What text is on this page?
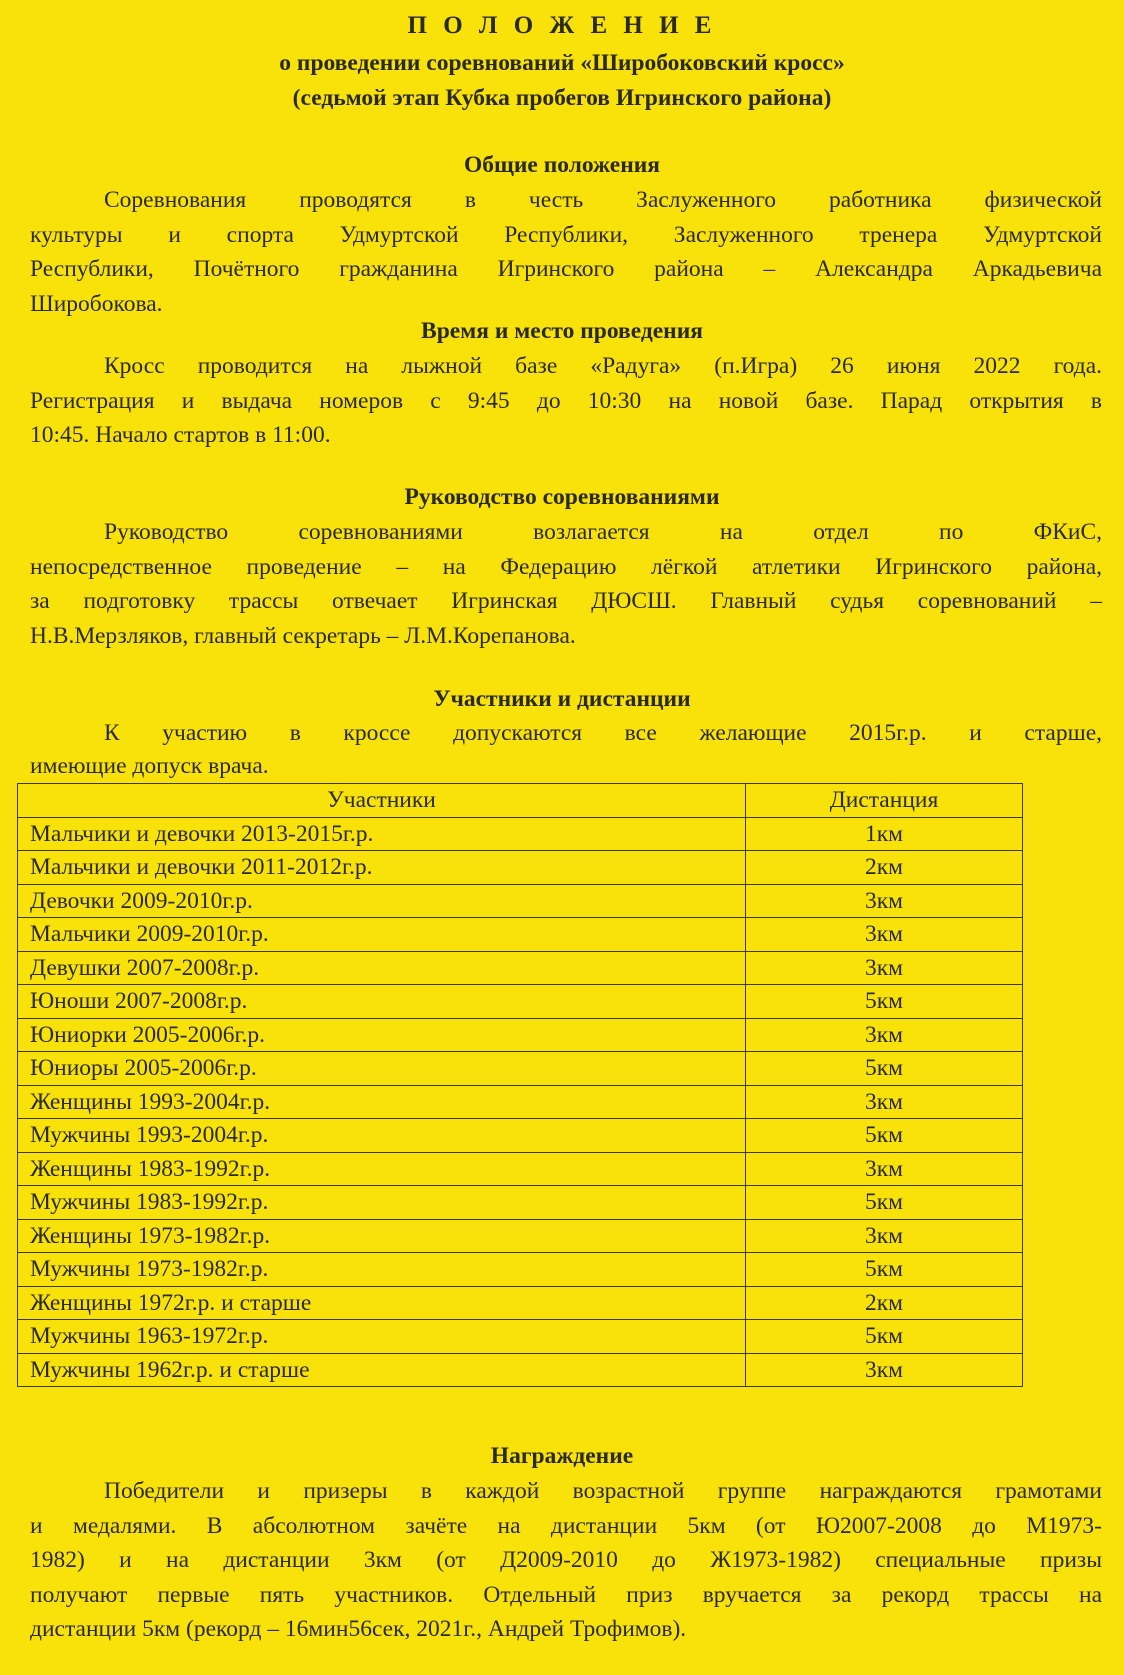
П О Л О Ж Е Н И Е
о проведении соревнований «Широбоковский кросс»
(седьмой этап Кубка пробегов Игринского района)
Общие положения
Соревнования проводятся в честь Заслуженного работника физической
культуры и спорта Удмуртской Республики, Заслуженного тренера Удмуртской
Республики, Почётного гражданина Игринского района – Александра Аркадьевича
Широбокова.
Время и место проведения
Кросс проводится на лыжной базе «Радуга» (п.Игра) 26 июня 2022 года.
Регистрация и выдача номеров с 9:45 до 10:30 на новой базе. Парад открытия в
10:45. Начало стартов в 11:00.
Руководство соревнованиями
Руководство соревнованиями возлагается на отдел по ФКиС,
непосредственное проведение – на Федерацию лёгкой атлетики Игринского района,
за подготовку трассы отвечает Игринская ДЮСШ. Главный судья соревнований –
Н.В.Мерзляков, главный секретарь – Л.М.Корепанова.
Участники и дистанции
К участию в кроссе допускаются все желающие 2015г.р. и старше,
имеющие допуск врача.
Участники	Дистанция
Мальчики и девочки 2013-2015г.р.	1км
Мальчики и девочки 2011-2012г.р.	2км
Девочки 2009-2010г.р.	3км
Мальчики 2009-2010г.р.	3км
Девушки 2007-2008г.р.	3км
Юноши 2007-2008г.р.	5км
Юниорки 2005-2006г.р.	3км
Юниоры 2005-2006г.р.	5км
Женщины 1993-2004г.р.	3км
Мужчины 1993-2004г.р.	5км
Женщины 1983-1992г.р.	3км
Мужчины 1983-1992г.р.	5км
Женщины 1973-1982г.р.	3км
Мужчины 1973-1982г.р.	5км
Женщины 1972г.р. и старше	2км
Мужчины 1963-1972г.р.	5км
Мужчины 1962г.р. и старше	3км
Награждение
Победители и призеры в каждой возрастной группе награждаются грамотами
и медалями. В абсолютном зачёте на дистанции 5км (от Ю2007-2008 до М1973-
1982) и на дистанции 3км (от Д2009-2010 до Ж1973-1982) специальные призы
получают первые пять участников. Отдельный приз вручается за рекорд трассы на
дистанции 5км (рекорд – 16мин56сек, 2021г., Андрей Трофимов).
